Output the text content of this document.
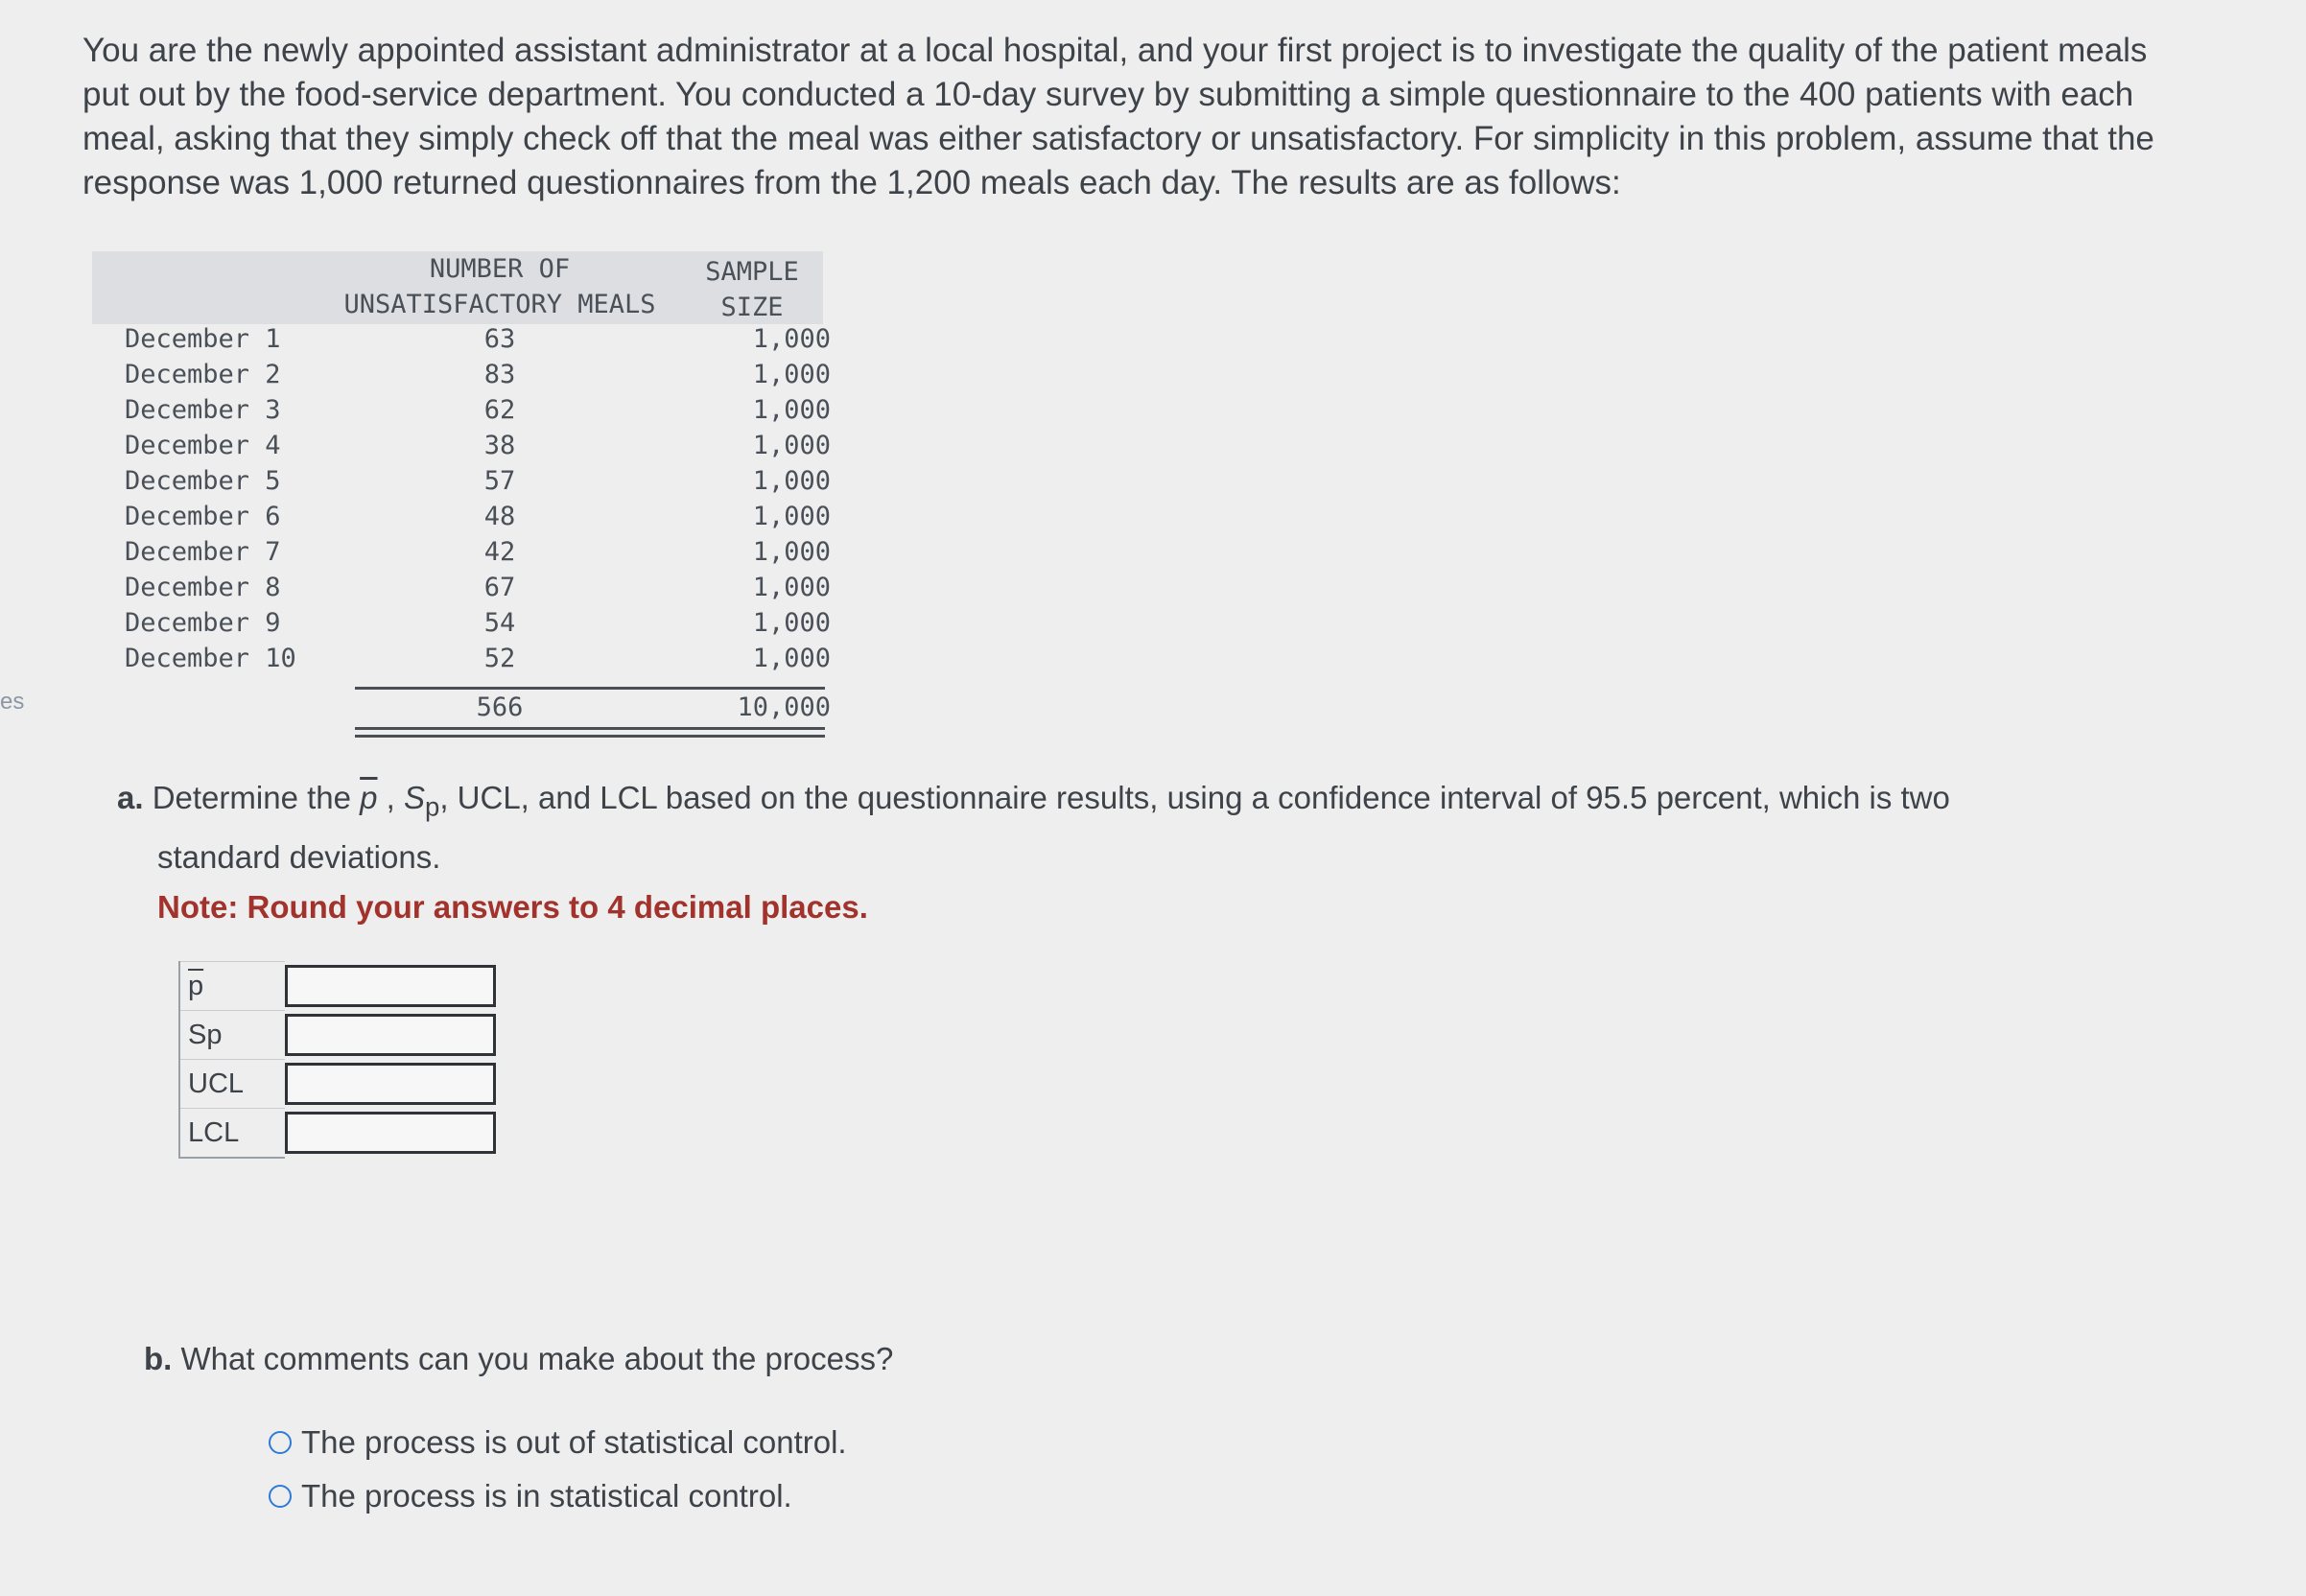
es

You are the newly appointed assistant administrator at a local hospital, and your first project is to investigate the quality of the patient meals put out by the food-service department. You conducted a 10-day survey by submitting a simple questionnaire to the 400 patients with each meal, asking that they simply check off that the meal was either satisfactory or unsatisfactory. For simplicity in this problem, assume that the response was 1,000 returned questionnaires from the 1,200 meals each day. The results are as follows:

NUMBER OF
UNSATISFACTORY MEALS
SAMPLE
SIZE
December 1	63	1,000
December 2	83	1,000
December 3	62	1,000
December 4	38	1,000
December 5	57	1,000
December 6	48	1,000
December 7	42	1,000
December 8	67	1,000
December 9	54	1,000
December 10	52	1,000
566	10,000
a. Determine the $\overline{p}$ , $S_p$, UCL, and LCL based on the questionnaire results, using a confidence interval of 95.5 percent, which is two
standard deviations.
Note: Round your answers to 4 decimal places.
$\overline{p}$	

Sp	

UCL	

LCL	
b. What comments can you make about the process?
The process is out of statistical control.
The process is in statistical control.
